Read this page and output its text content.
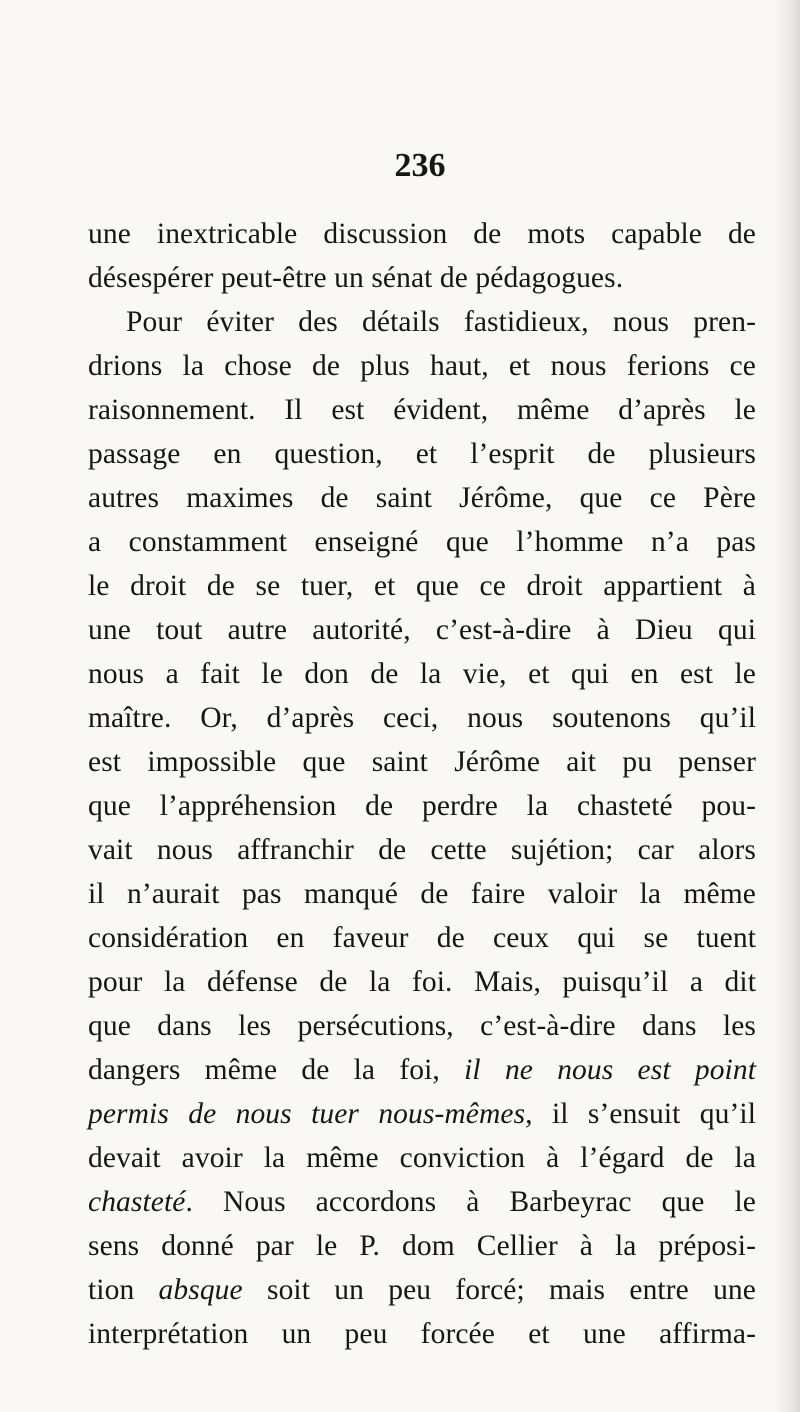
236
une inextricable discussion de mots capable de
désespérer peut-être un sénat de pédagogues.
Pour éviter des détails fastidieux, nous pren-
drions la chose de plus haut, et nous ferions ce
raisonnement. Il est évident, même d’après le
passage en question, et l’esprit de plusieurs
autres maximes de saint Jérôme, que ce Père
a constamment enseigné que l’homme n’a pas
le droit de se tuer, et que ce droit appartient à
une tout autre autorité, c’est-à-dire à Dieu qui
nous a fait le don de la vie, et qui en est le
maître. Or, d’après ceci, nous soutenons qu’il
est impossible que saint Jérôme ait pu penser
que l’appréhension de perdre la chasteté pou-
vait nous affranchir de cette sujétion; car alors
il n’aurait pas manqué de faire valoir la même
considération en faveur de ceux qui se tuent
pour la défense de la foi. Mais, puisqu’il a dit
que dans les persécutions, c’est-à-dire dans les
dangers même de la foi, il ne nous est point
permis de nous tuer nous-mêmes, il s’ensuit qu’il
devait avoir la même conviction à l’égard de la
chasteté. Nous accordons à Barbeyrac que le
sens donné par le P. dom Cellier à la préposi-
tion absque soit un peu forcé; mais entre une
interprétation un peu forcée et une affirma-
